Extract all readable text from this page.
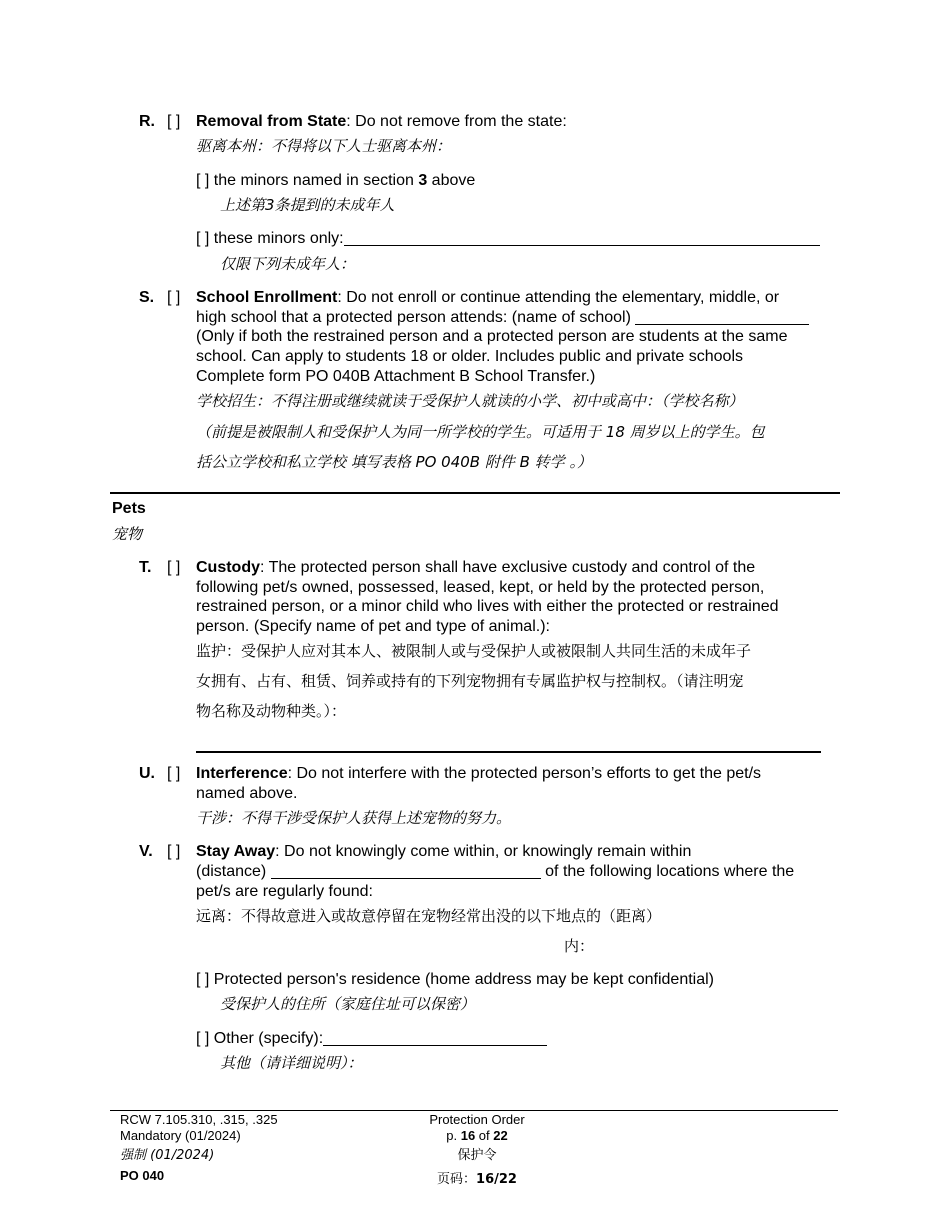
R. [ ] Removal from State: Do not remove from the state:
驱离本州：不得将以下人士驱离本州：
[ ] the minors named in section 3 above
上述第3条提到的未成年人
[ ] these minors only:
仅限下列未成年人：
S. [ ] School Enrollment: Do not enroll or continue attending the elementary, middle, or
high school that a protected person attends: (name of school)
(Only if both the restrained person and a protected person are students at the same
school. Can apply to students 18 or older. Includes public and private schools
Complete form PO 040B Attachment B School Transfer.)
学校招生：不得注册或继续就读于受保护人就读的小学、初中或高中：（学校名称）
（前提是被限制人和受保护人为同一所学校的学生。可适用于 18 周岁以上的学生。包
括公立学校和私立学校 填写表格 PO 040B 附件 B 转学 。）
Pets
宠物
T. [ ] Custody: The protected person shall have exclusive custody and control of the
following pet/s owned, possessed, leased, kept, or held by the protected person,
restrained person, or a minor child who lives with either the protected or restrained
person. (Specify name of pet and type of animal.):
监护：受保护人应对其本人、被限制人或与受保护人或被限制人共同生活的未成年子
女拥有、占有、租赁、饲养或持有的下列宠物拥有专属监护权与控制权。（请注明宠
物名称及动物种类。）：
U. [ ] Interference: Do not interfere with the protected person’s efforts to get the pet/s
named above.
干涉：不得干涉受保护人获得上述宠物的努力。
V. [ ] Stay Away: Do not knowingly come within, or knowingly remain within
(distance)	of the following locations where the
pet/s are regularly found:
远离：不得故意进入或故意停留在宠物经常出没的以下地点的（距离）
内：
[ ] Protected person's residence (home address may be kept confidential)
受保护人的住所（家庭住址可以保密）
[ ] Other (specify):
其他（请详细说明）：
RCW 7.105.310, .315, .325
Mandatory (01/2024)
强制 (01/2024)
PO 040
Protection Order
p. 16 of 22
保护令
页码：16/22
